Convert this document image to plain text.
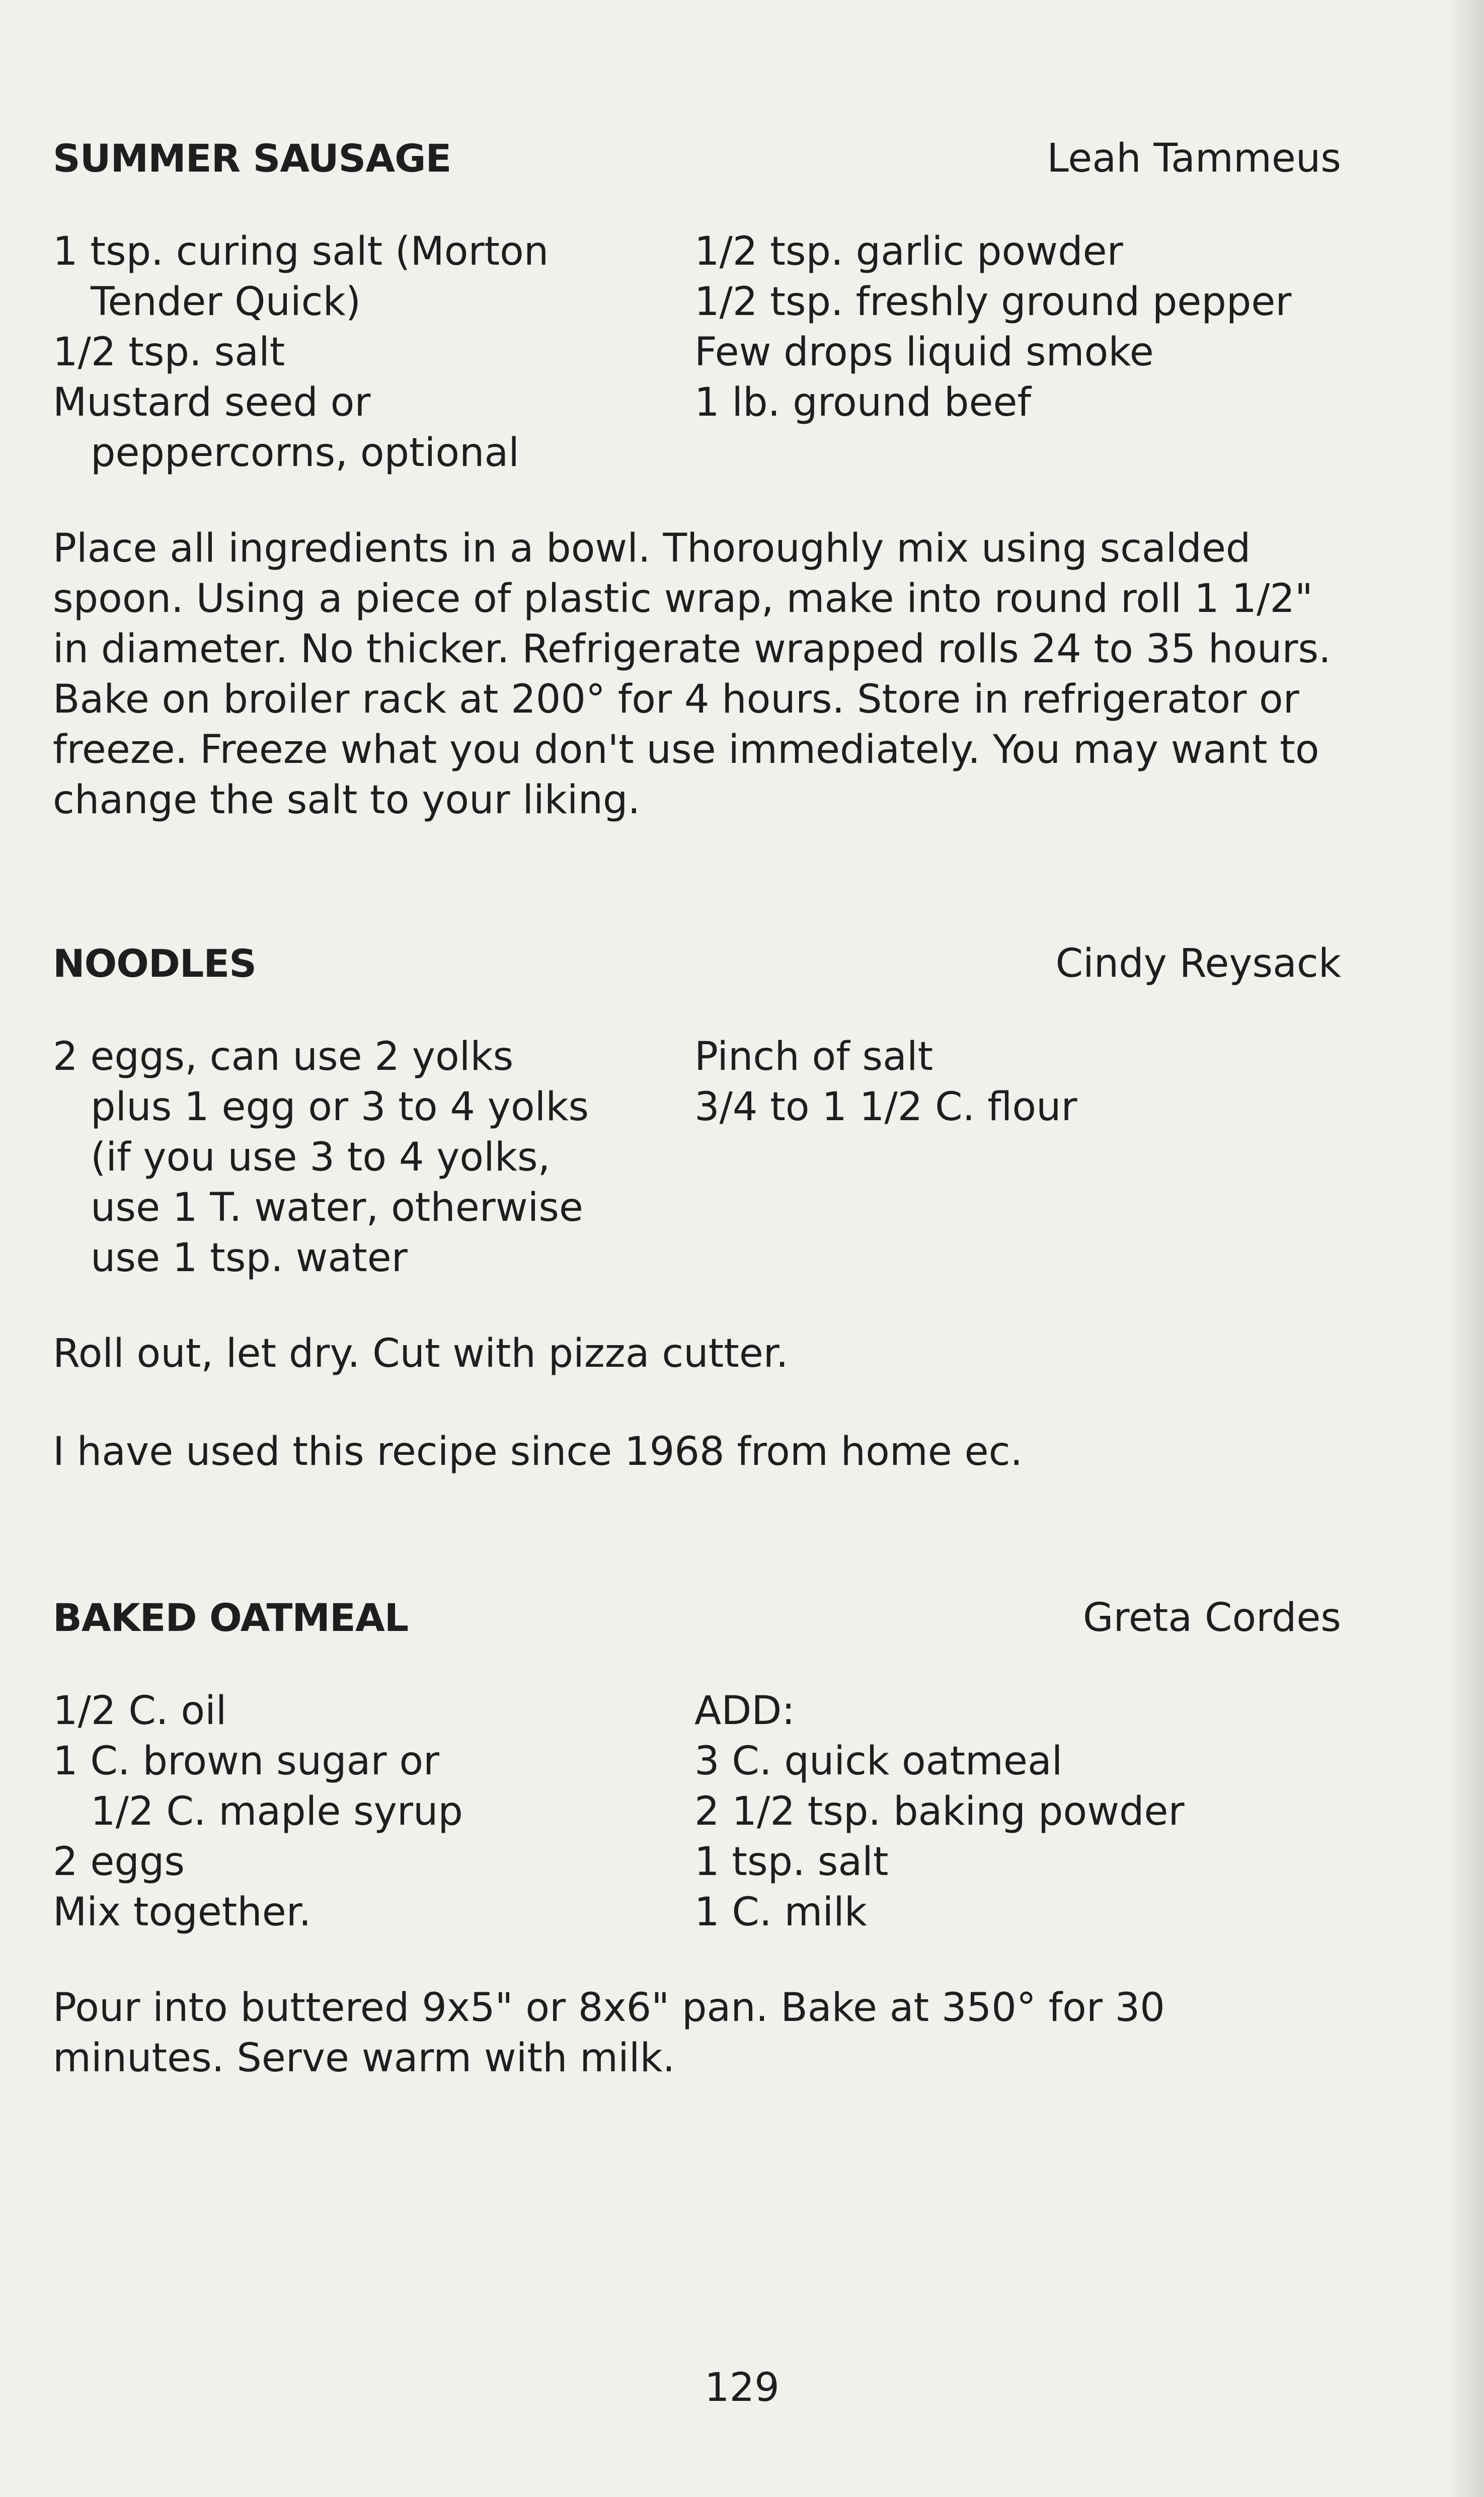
SUMMER SAUSAGE	Leah Tammeus
1 tsp. curing salt (Morton
Tender Quick)
1/2 tsp. salt
Mustard seed or
peppercorns, optional
1/2 tsp. garlic powder
1/2 tsp. freshly ground pepper
Few drops liquid smoke
1 lb. ground beef
Place all ingredients in a bowl. Thoroughly mix using scalded spoon. Using a piece of plastic wrap, make into round roll 1 1/2" in diameter. No thicker. Refrigerate wrapped rolls 24 to 35 hours. Bake on broiler rack at 200° for 4 hours. Store in refrigerator or freeze. Freeze what you don't use immediately. You may want to change the salt to your liking.
NOODLES	Cindy Reysack
2 eggs, can use 2 yolks
plus 1 egg or 3 to 4 yolks
(if you use 3 to 4 yolks,
use 1 T. water, otherwise
use 1 tsp. water
Pinch of salt
3/4 to 1 1/2 C. flour
Roll out, let dry. Cut with pizza cutter.
I have used this recipe since 1968 from home ec.
BAKED OATMEAL	Greta Cordes
1/2 C. oil
1 C. brown sugar or
1/2 C. maple syrup
2 eggs
Mix together.
ADD:
3 C. quick oatmeal
2 1/2 tsp. baking powder
1 tsp. salt
1 C. milk
Pour into buttered 9x5" or 8x6" pan. Bake at 350° for 30 minutes. Serve warm with milk.
129
